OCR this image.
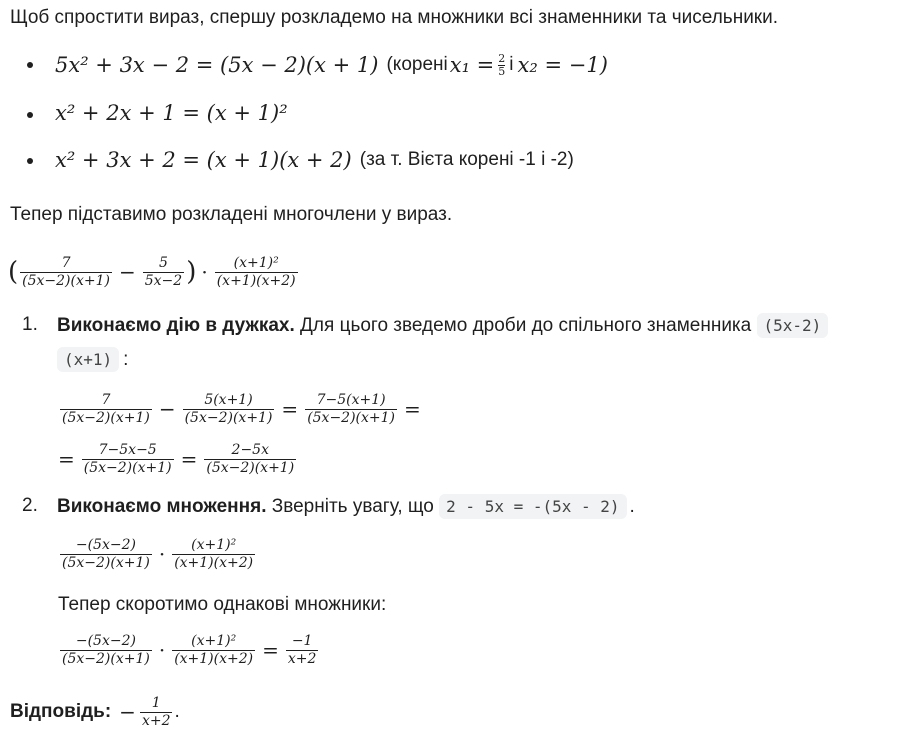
Щоб спростити вираз, спершу розкладемо на множники всі знаменники та чисельники.
5x² + 3x − 2 = (5x − 2)(x + 1) (корені $x_1 = \frac{2}{5}$ і x₂ = −1)
x² + 2x + 1 = (x + 1)²
x² + 3x + 2 = (x + 1)(x + 2) (за т. Вієта корені -1 і -2)
Тепер підставимо розкладені многочлени у вираз.
( $\frac{7}{(5x-2)(x+1)} - \frac{5}{5x-2}$ ) · $\frac{\text{(x+1)²}}{(x+1)(x+2)}$
1. Виконаємо дію в дужках. Для цього зведемо дроби до спільного знаменника (5x-2)
(x+1) :
$\frac{7}{(5x-2)(x+1)} - \frac{5(x+1)}{(5x-2)(x+1)} = \frac{7-5(x+1)}{(5x-2)(x+1)}$ =
= $\frac{7-5x-5}{(5x-2)(x+1)} = \frac{2-5x}{(5x-2)(x+1)}$
2. Виконаємо множення. Зверніть увагу, що 2 - 5x = -(5x - 2) .
$\frac{-(5x-2)}{(5x-2)(x+1)} \cdot \frac{\text{(x+1)²}}{(x+1)(x+2)}$
Тепер скоротимо однакові множники:
$\frac{-(5x-2)}{(5x-2)(x+1)} \cdot \frac{\text{(x+1)²}}{(x+1)(x+2)} = \frac{-1}{x+2}$
Відповідь: − $\frac{1}{x+2}$ .
